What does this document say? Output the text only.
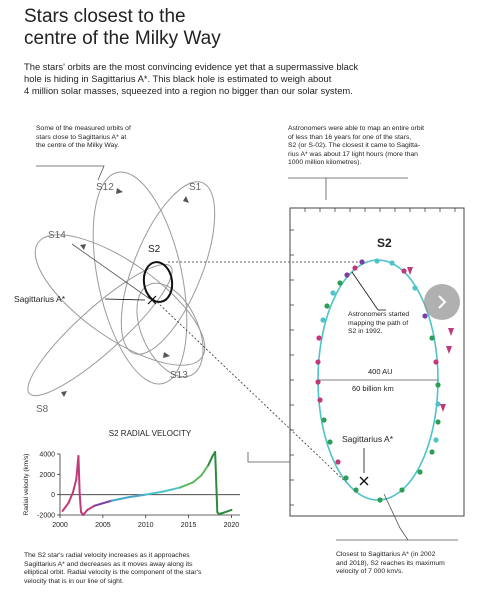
Stars closest to the
centre of the Milky Way
The stars' orbits are the most convincing evidence yet that a supermassive black
hole is hiding in Sagittarius A*. This black hole is estimated to weigh about
4 million solar masses, squeezed into a region no bigger than our solar system.
Some of the measured orbits of
stars close to Sagittarius A* at
the centre of the Milky Way.
Astronomers were able to map an entire orbit
of less than 16 years for one of the stars,
S2 (or S-02). The closest it came to Sagitta-
rius A* was about 17 light hours (more than
1000 million kilometres).
S12	S1
S14
S2
S13
S8
Sagittarius A*
S2
400 AU
60 billion km
Sagittarius A*
Astronomers started
mapping the path of
S2 in 1992.
S2 RADIAL VELOCITY
Radial velocity (km/s) 4000
2000
0
-2000
2000	2005	2010	2015	2020
The S2 star's radial velocity increases as it approaches
Sagittarius A* and decreases as it moves away along its
elliptical orbit. Radial velocity is the component of the star's
velocity that is in our line of sight.
Closest to Sagittarius A* (in 2002
and 2018), S2 reaches its maximum
velocity of 7 000 km/s.
